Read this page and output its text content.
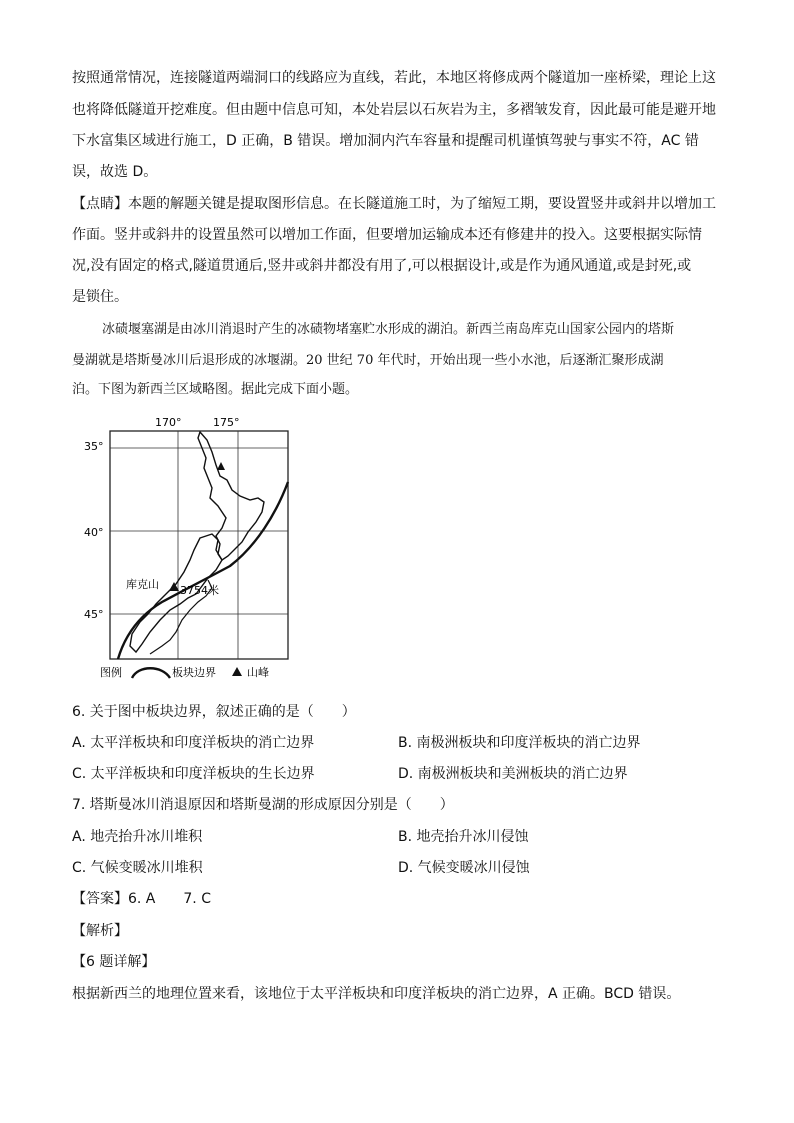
按照通常情况，连接隧道两端洞口的线路应为直线，若此，本地区将修成两个隧道加一座桥梁，理论上这
也将降低隧道开挖难度。但由题中信息可知，本处岩层以石灰岩为主，多褶皱发育，因此最可能是避开地
下水富集区域进行施工，D 正确，B 错误。增加洞内汽车容量和提醒司机谨慎驾驶与事实不符，AC 错
误，故选 D。
【点睛】本题的解题关键是提取图形信息。在长隧道施工时，为了缩短工期，要设置竖井或斜井以增加工
作面。竖井或斜井的设置虽然可以增加工作面，但要增加运输成本还有修建井的投入。这要根据实际情
况,没有固定的格式,隧道贯通后,竖井或斜井都没有用了,可以根据设计,或是作为通风通道,或是封死,或
是锁住。
冰碛堰塞湖是由冰川消退时产生的冰碛物堵塞贮水形成的湖泊。新西兰南岛库克山国家公园内的塔斯
曼湖就是塔斯曼冰川后退形成的冰堰湖。20 世纪 70 年代时，开始出现一些小水池，后逐渐汇聚形成湖
泊。下图为新西兰区域略图。据此完成下面小题。
170°	175°
35°
40°
45°
库克山 3754米
图例	板块边界	山峰
6. 关于图中板块边界，叙述正确的是（　　）
A. 太平洋板块和印度洋板块的消亡边界	B. 南极洲板块和印度洋板块的消亡边界
C. 太平洋板块和印度洋板块的生长边界	D. 南极洲板块和美洲板块的消亡边界
7. 塔斯曼冰川消退原因和塔斯曼湖的形成原因分别是（　　）
A. 地壳抬升冰川堆积	B. 地壳抬升冰川侵蚀
C. 气候变暖冰川堆积	D. 气候变暖冰川侵蚀
【答案】6. A　　7. C
【解析】
【6 题详解】
根据新西兰的地理位置来看，该地位于太平洋板块和印度洋板块的消亡边界，A 正确。BCD 错误。
